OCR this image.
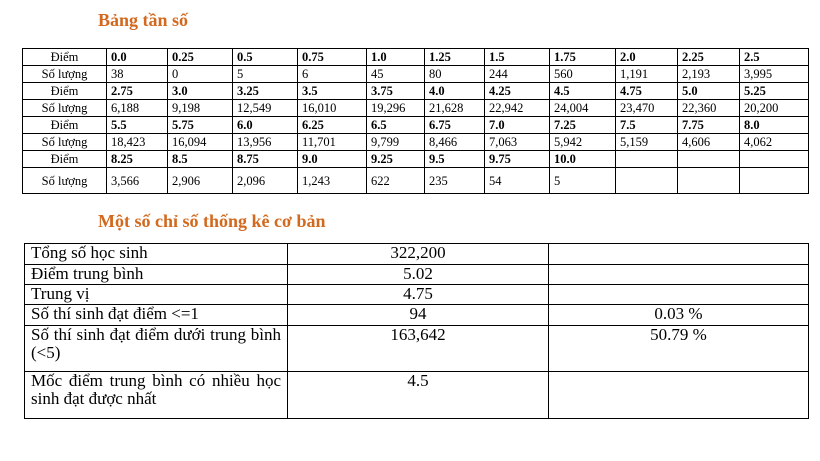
Bảng tần số
Điểm	0.0	0.25	0.5	0.75	1.0	1.25	1.5	1.75	2.0	2.25	2.5
Số lượng	38	0	5	6	45	80	244	560	1,191	2,193	3,995
Điểm	2.75	3.0	3.25	3.5	3.75	4.0	4.25	4.5	4.75	5.0	5.25
Số lượng	6,188	9,198	12,549	16,010	19,296	21,628	22,942	24,004	23,470	22,360	20,200
Điểm	5.5	5.75	6.0	6.25	6.5	6.75	7.0	7.25	7.5	7.75	8.0
Số lượng	18,423	16,094	13,956	11,701	9,799	8,466	7,063	5,942	5,159	4,606	4,062
Điểm	8.25	8.5	8.75	9.0	9.25	9.5	9.75	10.0			
Số lượng	3,566	2,906	2,096	1,243	622	235	54	5			
Một số chỉ số thống kê cơ bản
Tổng số học sinh	322,200	
Điểm trung bình	5.02	
Trung vị	4.75	
Số thí sinh đạt điểm <=1	94	0.03 %
Số thí sinh đạt điểm dưới trung bình (<5)	163,642	50.79 %
Mốc điểm trung bình có nhiều học sinh đạt được nhất	4.5	
